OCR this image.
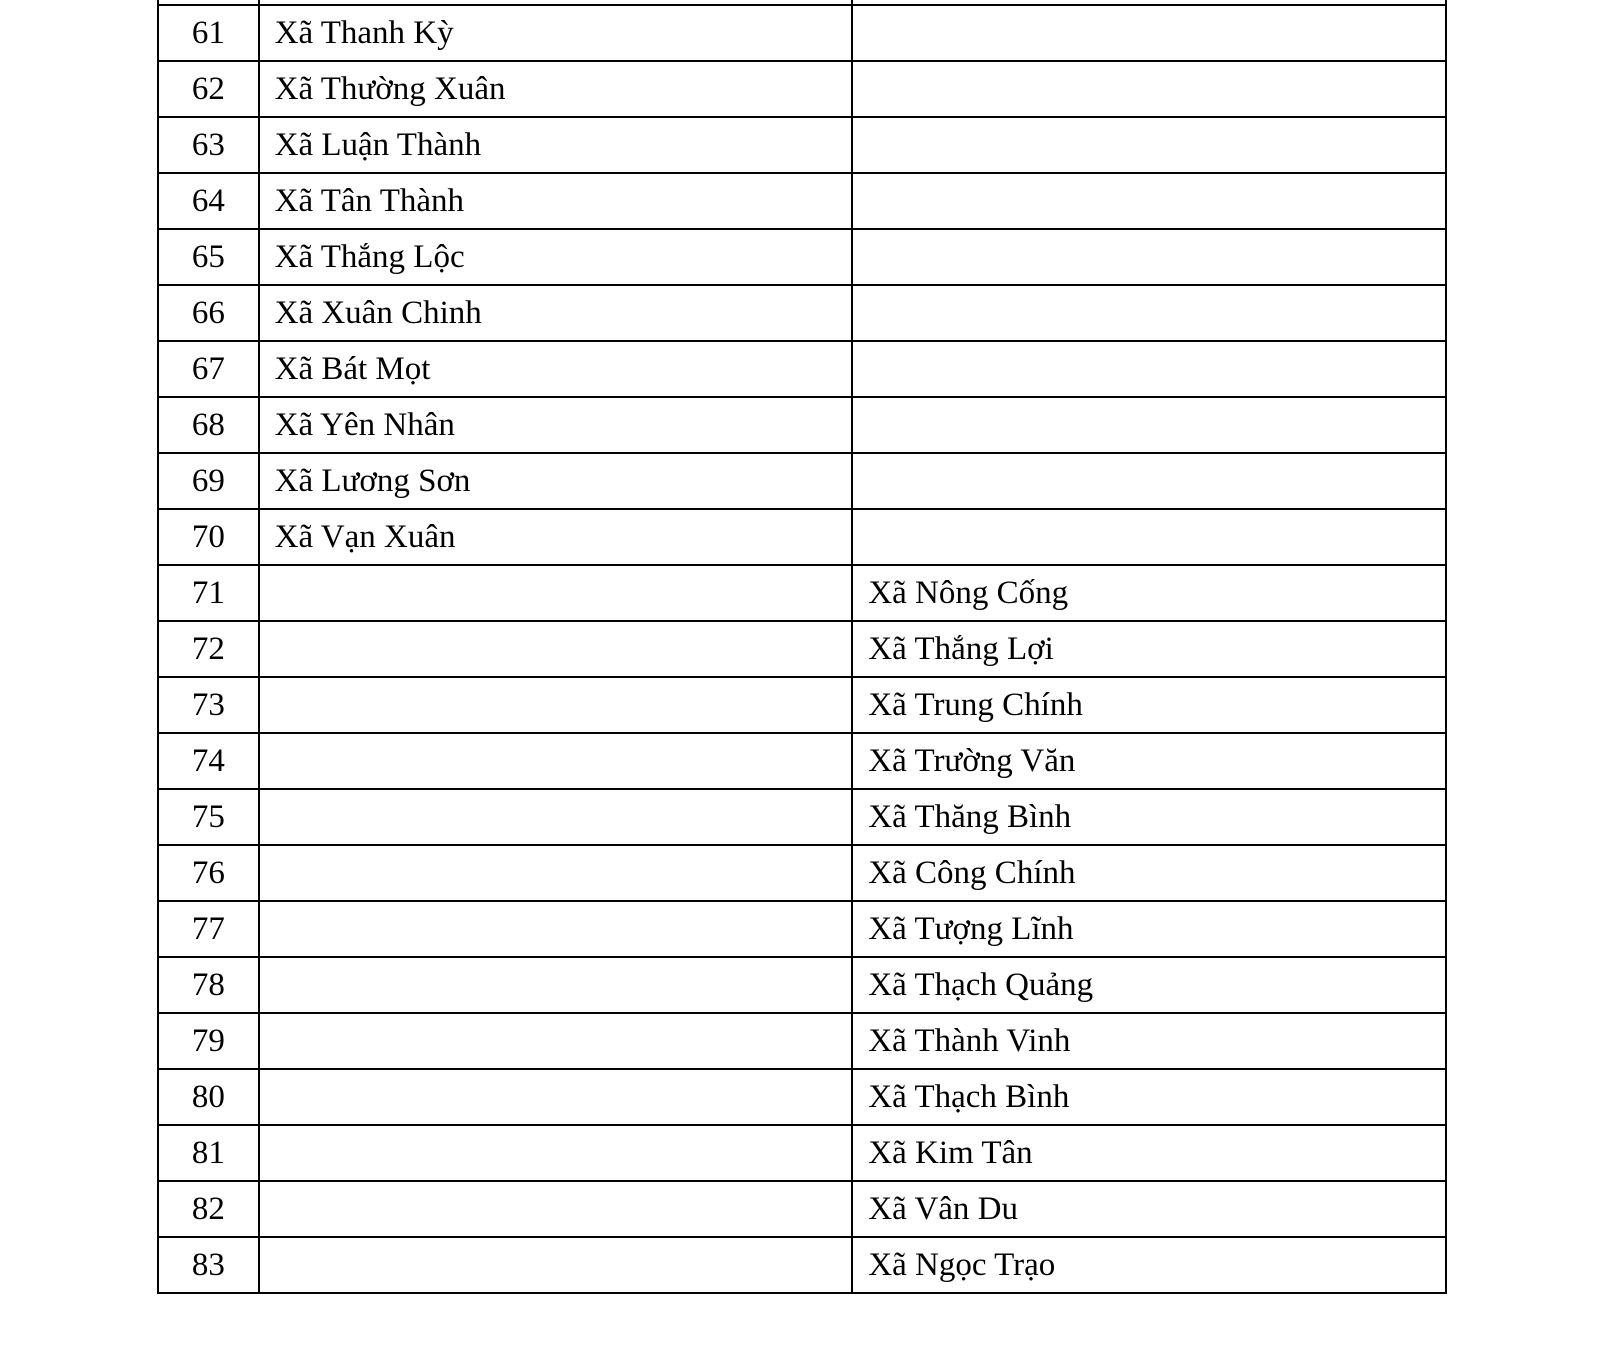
61	Xã Thanh Kỳ	
62	Xã Thường Xuân	
63	Xã Luận Thành	
64	Xã Tân Thành	
65	Xã Thắng Lộc	
66	Xã Xuân Chinh	
67	Xã Bát Mọt	
68	Xã Yên Nhân	
69	Xã Lương Sơn	
70	Xã Vạn Xuân	
71		Xã Nông Cống
72		Xã Thắng Lợi
73		Xã Trung Chính
74		Xã Trường Văn
75		Xã Thăng Bình
76		Xã Công Chính
77		Xã Tượng Lĩnh
78		Xã Thạch Quảng
79		Xã Thành Vinh
80		Xã Thạch Bình
81		Xã Kim Tân
82		Xã Vân Du
83		Xã Ngọc Trạo
